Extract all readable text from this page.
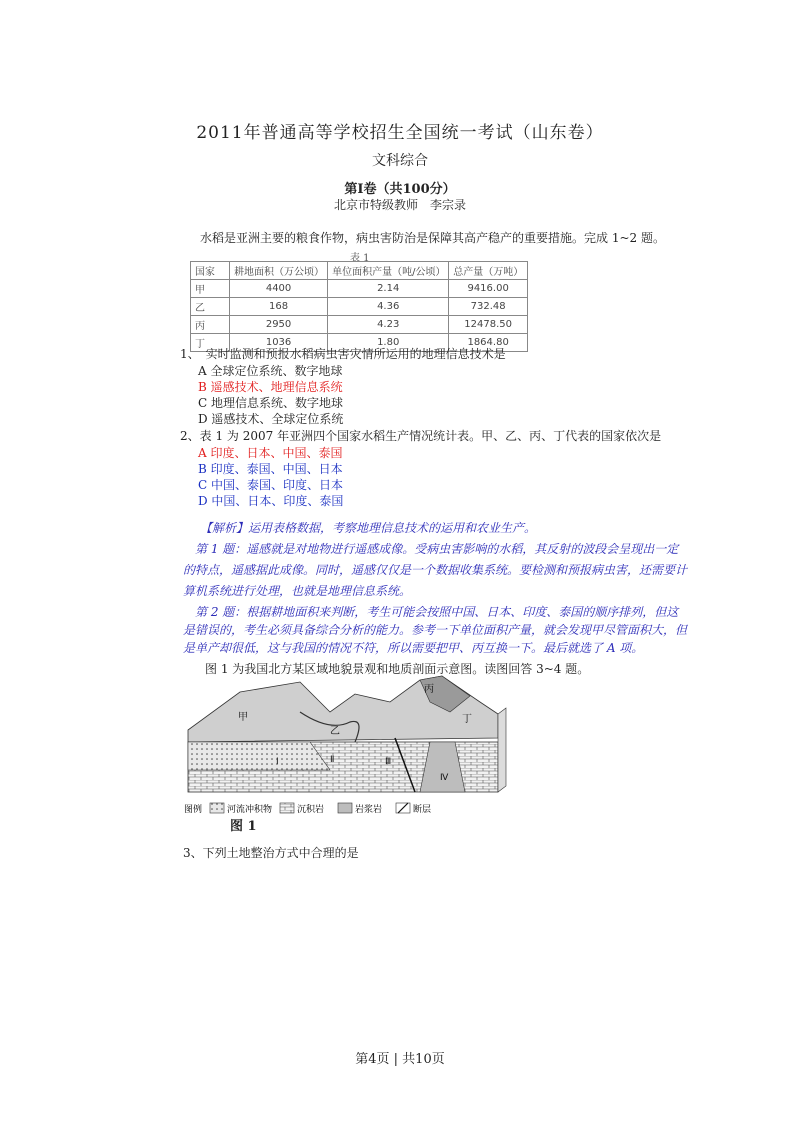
2011年普通高等学校招生全国统一考试（山东卷）
文科综合
第Ⅰ卷（共100分）
北京市特级教师　李宗录
水稻是亚洲主要的粮食作物，病虫害防治是保障其高产稳产的重要措施。完成 1~2 题。
表 1
国家	耕地面积（万公顷）	单位面积产量（吨/公顷）	总产量（万吨）
甲	4400	2.14	9416.00
乙	168	4.36	732.48
丙	2950	4.23	12478.50
丁	1036	1.80	1864.80
1、　实时监测和预报水稻病虫害灾情所运用的地理信息技术是
A 全球定位系统、数字地球
B 遥感技术、地理信息系统
C 地理信息系统、数字地球
D 遥感技术、全球定位系统
2、表 1 为 2007 年亚洲四个国家水稻生产情况统计表。甲、乙、丙、丁代表的国家依次是
A 印度、日本、中国、泰国
B 印度、泰国、中国、日本
C 中国、泰国、印度、日本
D 中国、日本、印度、泰国
【解析】运用表格数据，考察地理信息技术的运用和农业生产。
　第 1 题：遥感就是对地物进行遥感成像。受病虫害影响的水稻，其反射的波段会呈现出一定
的特点，遥感据此成像。同时，遥感仅仅是一个数据收集系统。要检测和预报病虫害，还需要计
算机系统进行处理，也就是地理信息系统。
　第 2 题：根据耕地面积来判断，考生可能会按照中国、日本、印度、泰国的顺序排列，但这
是错误的，考生必须具备综合分析的能力。参考一下单位面积产量，就会发现甲尽管面积大，但
是单产却很低，这与我国的情况不符，所以需要把甲、丙互换一下。最后就选了 A 项。
图 1 为我国北方某区域地貌景观和地质剖面示意图。读图回答 3~4 题。
甲
乙
丙
丁
Ⅰ	Ⅱ	Ⅲ
Ⅳ
图例	河流冲积物	沉积岩	岩浆岩	断层
图 1
3、下列土地整治方式中合理的是
第4页 | 共10页
